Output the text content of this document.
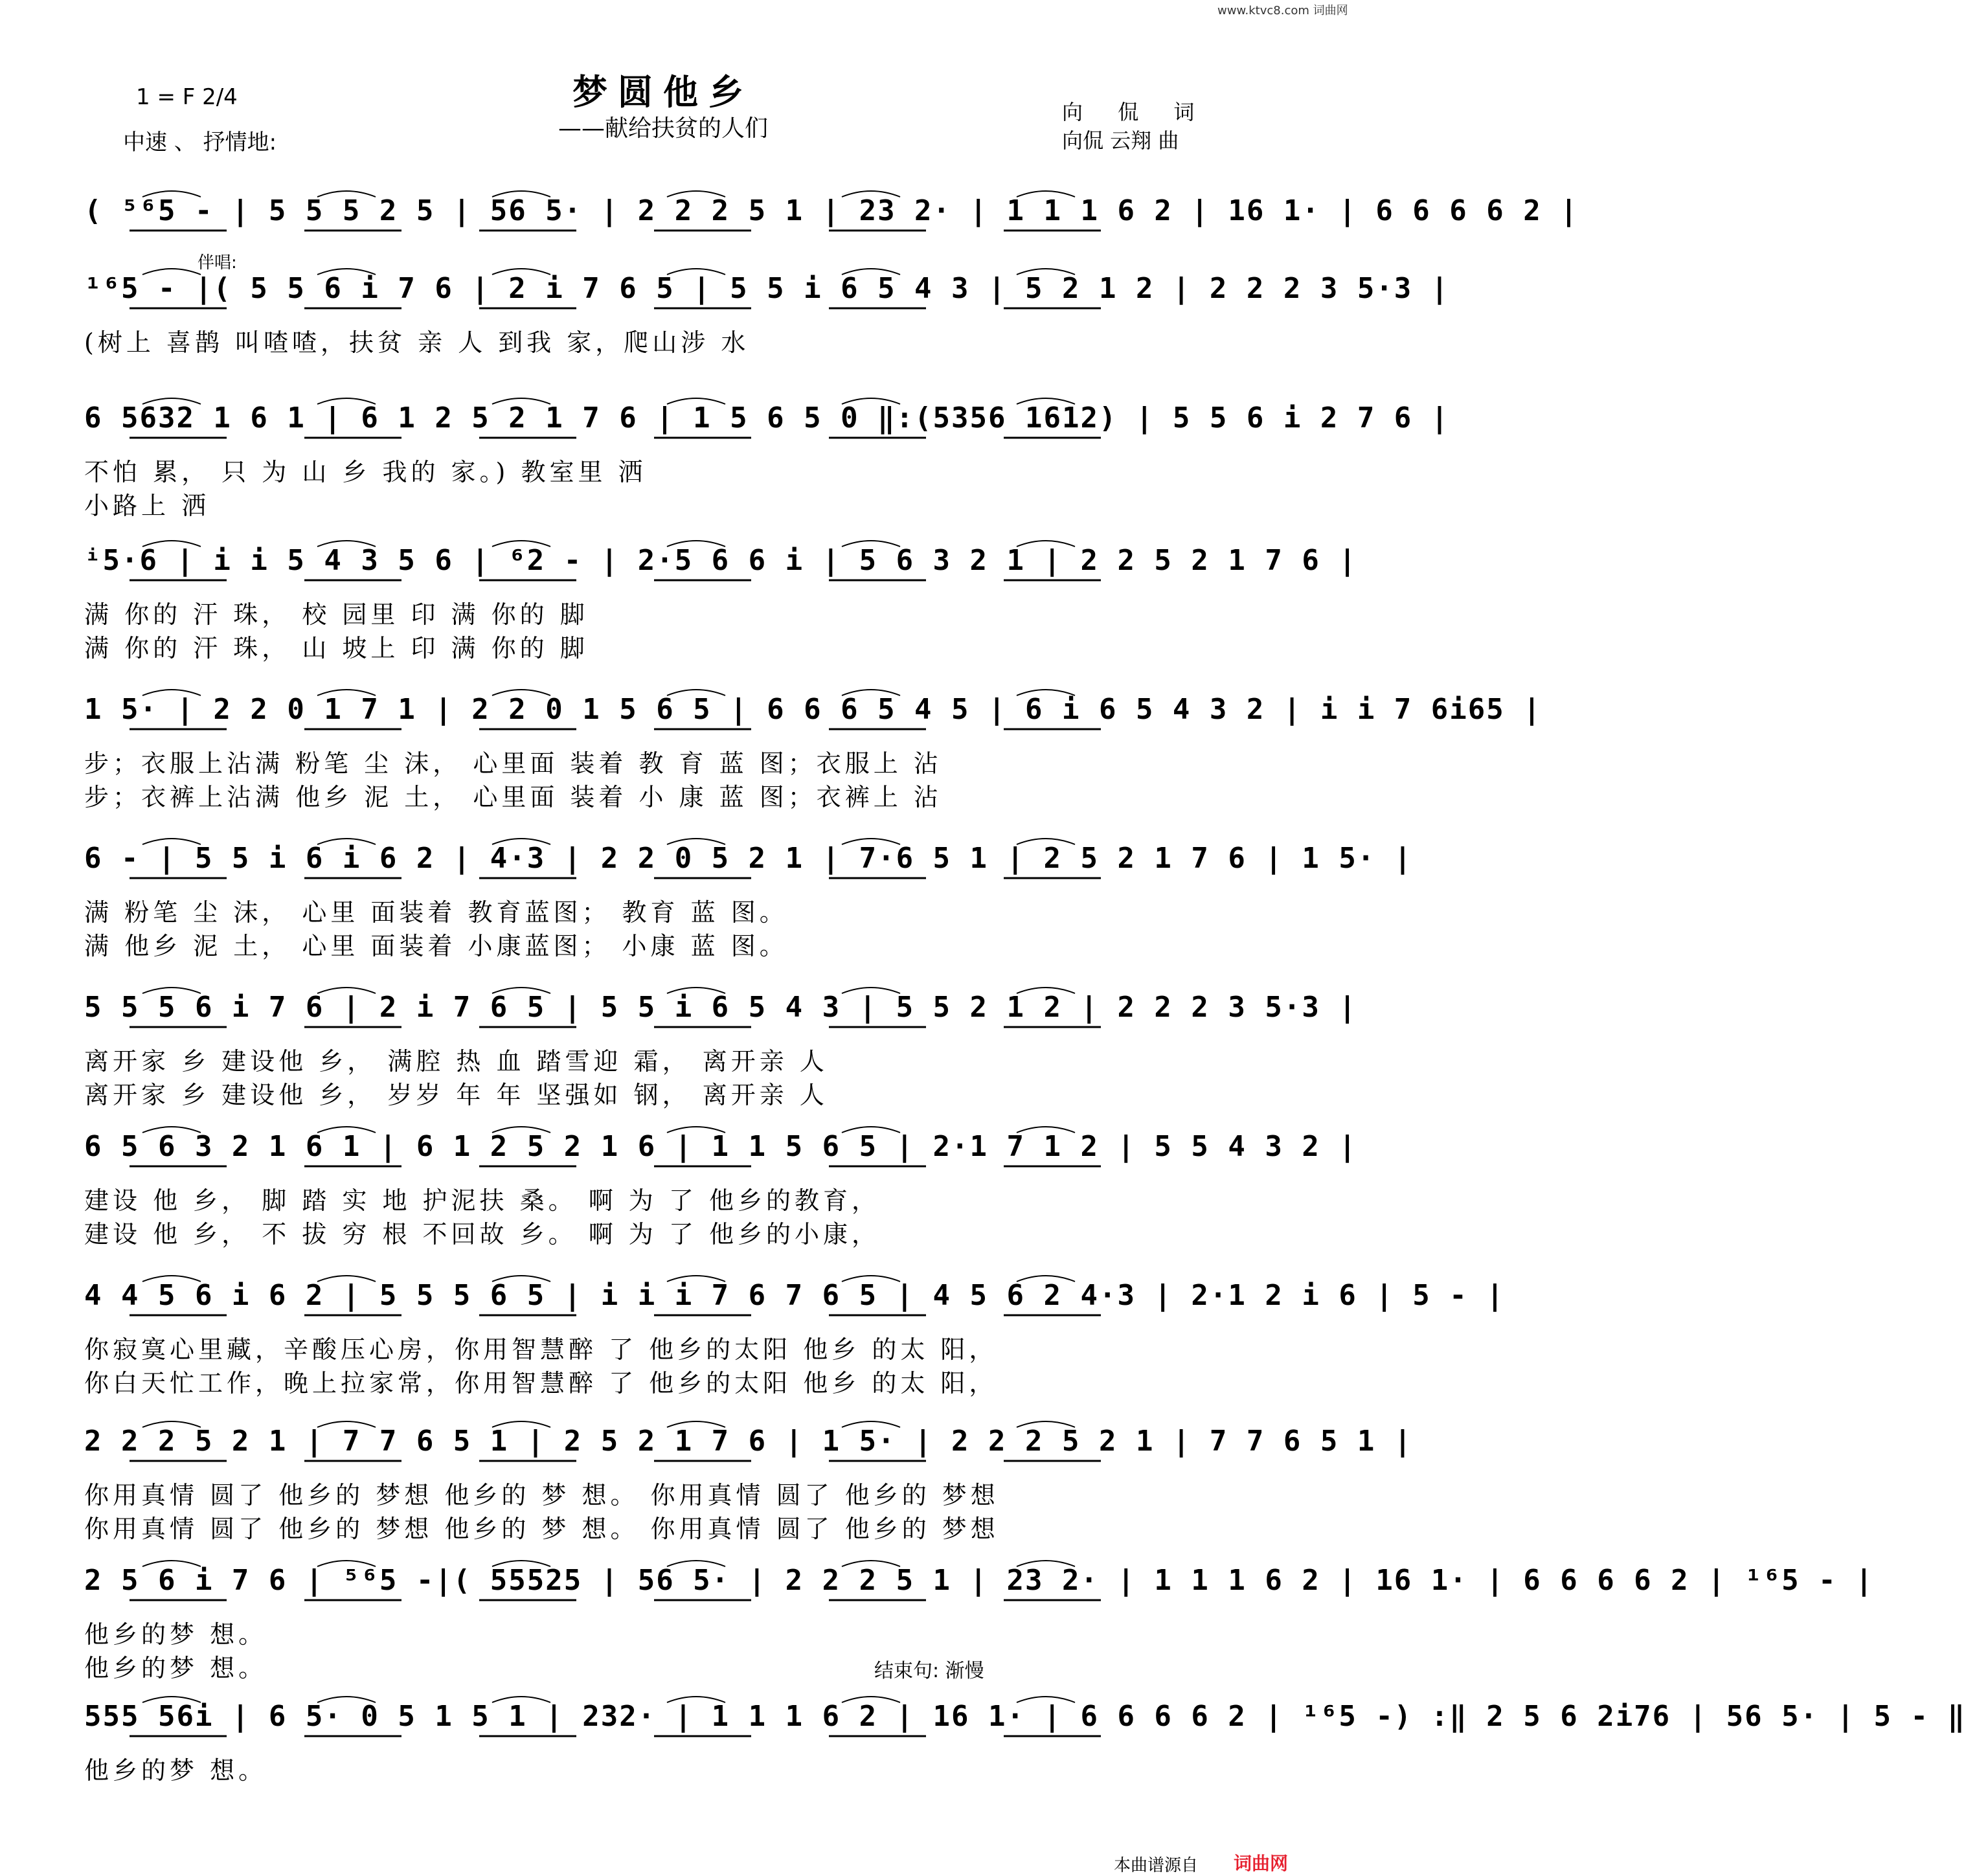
www.ktvc8.com 词曲网
梦圆他乡
——献给扶贫的人们
1 = F 2/4
中速 、 抒情地:
向 侃 词
向侃 云翔 曲
伴唱:
结束句: 渐慢
( ⁵⁶5 - | 5 5 5 2 5 | 56 5· | 2 2 2 5 1 | 23 2· | 1 1 1 6 2 | 16 1· | 6 6 6 6 2 |
¹⁶5 - |( 5 5 6 i 7 6 | 2 i 7 6 5 | 5 5 i 6 5 4 3 | 5 2 1 2 | 2 2 2 3 5·3 |
(树上 喜鹊 叫喳喳，扶贫 亲 人 到我 家，爬山涉 水
6 5632 1 6 1 | 6 1 2 5 2 1 7 6 | 1 5 6 5 0 ‖:(5356 1612) | 5 5 6 i 2 7 6 |
不怕 累， 只 为 山 乡 我的 家。) 教室里 洒
小路上 洒
ⁱ5·6 | i i 5 4 3 5 6 | ⁶2 - | 2·5 6 6 i | 5 6 3 2 1 | 2 2 5 2 1 7 6 |
满 你的 汗 珠， 校 园里 印 满 你的 脚
满 你的 汗 珠， 山 坡上 印 满 你的 脚
1 5· | 2 2 0 1 7 1 | 2 2 0 1 5 6 5 | 6 6 6 5 4 5 | 6 i 6 5 4 3 2 | i i 7 6i65 |
步；衣服上沾满 粉笔 尘 沫， 心里面 装着 教 育 蓝 图；衣服上 沾
步；衣裤上沾满 他乡 泥 土， 心里面 装着 小 康 蓝 图；衣裤上 沾
6 - | 5 5 i 6 i 6 2 | 4·3 | 2 2 0 5 2 1 | 7·6 5 1 | 2 5 2 1 7 6 | 1 5· |
满 粉笔 尘 沫， 心里 面装着 教育蓝图； 教育 蓝 图。
满 他乡 泥 土， 心里 面装着 小康蓝图； 小康 蓝 图。
5 5 5 6 i 7 6 | 2 i 7 6 5 | 5 5 i 6 5 4 3 | 5 5 2 1 2 | 2 2 2 3 5·3 |
离开家 乡 建设他 乡， 满腔 热 血 踏雪迎 霜， 离开亲 人
离开家 乡 建设他 乡， 岁岁 年 年 坚强如 钢， 离开亲 人
6 5 6 3 2 1 6 1 | 6 1 2 5 2 1 6 | 1 1 5 6 5 | 2·1 7 1 2 | 5 5 4 3 2 |
建设 他 乡， 脚 踏 实 地 护泥扶 桑。 啊 为 了 他乡的教育，
建设 他 乡， 不 拔 穷 根 不回故 乡。 啊 为 了 他乡的小康，
4 4 5 6 i 6 2 | 5 5 5 6 5 | i i i 7 6 7 6 5 | 4 5 6 2 4·3 | 2·1 2 i 6 | 5 - |
你寂寞心里藏，辛酸压心房，你用智慧醉 了 他乡的太阳 他乡 的太 阳，
你白天忙工作，晚上拉家常，你用智慧醉 了 他乡的太阳 他乡 的太 阳，
2 2 2 5 2 1 | 7 7 6 5 1 | 2 5 2 1 7 6 | 1 5· | 2 2 2 5 2 1 | 7 7 6 5 1 |
你用真情 圆了 他乡的 梦想 他乡的 梦 想。 你用真情 圆了 他乡的 梦想
你用真情 圆了 他乡的 梦想 他乡的 梦 想。 你用真情 圆了 他乡的 梦想
2 5 6 i 7 6 | ⁵⁶5 -|( 55525 | 56 5· | 2 2 2 5 1 | 23 2· | 1 1 1 6 2 | 16 1· | 6 6 6 6 2 | ¹⁶5 - |
他乡的梦 想。
他乡的梦 想。
555 56i | 6 5· 0 5 1 5 1 | 232· | 1 1 1 6 2 | 16 1· | 6 6 6 6 2 | ¹⁶5 -) :‖ 2 5 6 2i76 | 56 5· | 5 - ‖
他乡的梦 想。
本曲谱源自 词曲网
